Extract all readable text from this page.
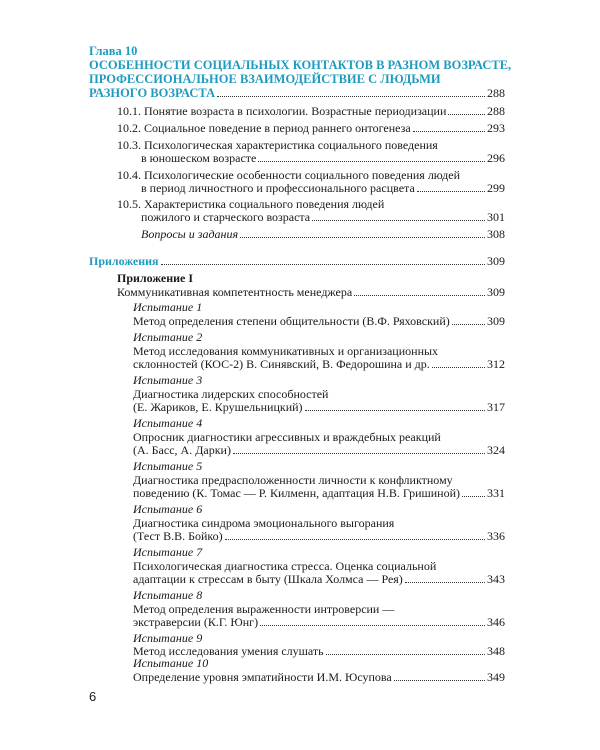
Глава 10
ОСОБЕННОСТИ СОЦИАЛЬНЫХ КОНТАКТОВ В РАЗНОМ ВОЗРАСТЕ,
ПРОФЕССИОНАЛЬНОЕ ВЗАИМОДЕЙСТВИЕ С ЛЮДЬМИ
РАЗНОГО ВОЗРАСТА	288
10.1. Понятие возраста в психологии. Возрастные периодизации	288
10.2. Социальное поведение в период раннего онтогенеза	293
10.3. Психологическая характеристика социального поведения
в юношеском возрасте	296
10.4. Психологические особенности социального поведения людей
в период личностного и профессионального расцвета	299
10.5. Характеристика социального поведения людей
пожилого и старческого возраста	301
Вопросы и задания	308
Приложения	309
Приложение I
Коммуникативная компетентность менеджера	309
Испытание 1
Метод определения степени общительности (В.Ф. Ряховский)	309
Испытание 2
Метод исследования коммуникативных и организационных
склонностей (КОС-2) В. Синявский, В. Федорошина и др.	312
Испытание 3
Диагностика лидерских способностей
(Е. Жариков, Е. Крушельницкий)	317
Испытание 4
Опросник диагностики агрессивных и враждебных реакций
(А. Басс, А. Дарки)	324
Испытание 5
Диагностика предрасположенности личности к конфликтному
поведению (К. Томас — Р. Килменн, адаптация Н.В. Гришиной) 331
Испытание 6
Диагностика синдрома эмоционального выгорания
(Тест В.В. Бойко)	336
Испытание 7
Психологическая диагностика стресса. Оценка социальной
адаптации к стрессам в быту (Шкала Холмса — Рея)	343
Испытание 8
Метод определения выраженности интроверсии —
экстраверсии (К.Г. Юнг)	346
Испытание 9
Метод исследования умения слушать	348
Испытание 10
Определение уровня эмпатийности И.М. Юсупова	349
6
